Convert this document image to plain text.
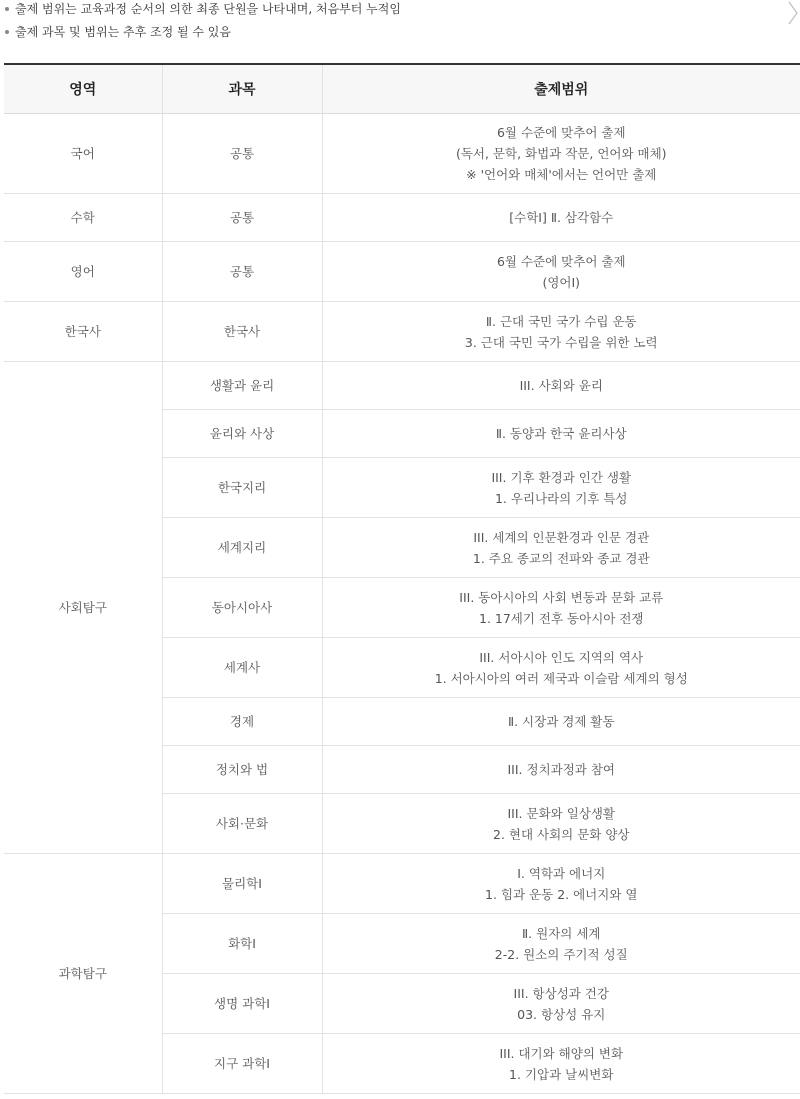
출제 범위는 교육과정 순서의 의한 최종 단원을 나타내며, 처음부터 누적임
출제 과목 및 범위는 추후 조정 될 수 있음
영역	과목	출제범위
국어	공통	6월 수준에 맞추어 출제
(독서, 문학, 화법과 작문, 언어와 매체)
※ '언어와 매체'에서는 언어만 출제

수학	공통	[수학Ⅰ] Ⅱ. 삼각함수

영어	공통	6월 수준에 맞추어 출제
(영어Ⅰ)

한국사	한국사	Ⅱ. 근대 국민 국가 수립 운동
3. 근대 국민 국가 수립을 위한 노력

사회탐구	생활과 윤리	III. 사회와 윤리

	윤리와 사상	Ⅱ. 동양과 한국 윤리사상

	한국지리	III. 기후 환경과 인간 생활
1. 우리나라의 기후 특성

	세계지리	III. 세계의 인문환경과 인문 경관
1. 주요 종교의 전파와 종교 경관

	동아시아사	III. 동아시아의 사회 변동과 문화 교류
1. 17세기 전후 동아시아 전쟁

	세계사	III. 서아시아 인도 지역의 역사
1. 서아시아의 여러 제국과 이슬람 세계의 형성

	경제	Ⅱ. 시장과 경제 활동

	정치와 법	III. 정치과정과 참여

	사회·문화	III. 문화와 일상생활
2. 현대 사회의 문화 양상

과학탐구	물리학Ⅰ	I. 역학과 에너지
1. 힘과 운동 2. 에너지와 열

	화학Ⅰ	Ⅱ. 원자의 세계
2-2. 원소의 주기적 성질

	생명 과학Ⅰ	III. 항상성과 건강
03. 항상성 유지

	지구 과학Ⅰ	III. 대기와 해양의 변화
1. 기압과 날씨변화
